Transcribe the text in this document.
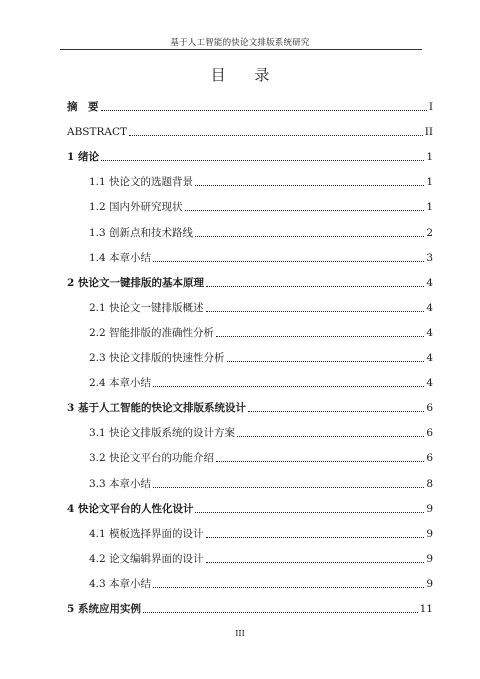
基于人工智能的快论文排版系统研究
目 录
摘　要	I
ABSTRACT	II
1 绪论	1
1.1 快论文的选题背景	1
1.2 国内外研究现状	1
1.3 创新点和技术路线	2
1.4 本章小结	3
2 快论文一键排版的基本原理	4
2.1 快论文一键排版概述	4
2.2 智能排版的准确性分析	4
2.3 快论文排版的快速性分析	4
2.4 本章小结	4
3 基于人工智能的快论文排版系统设计	6
3.1 快论文排版系统的设计方案	6
3.2 快论文平台的功能介绍	6
3.3 本章小结	8
4 快论文平台的人性化设计	9
4.1 模板选择界面的设计	9
4.2 论文编辑界面的设计	9
4.3 本章小结	9
5 系统应用实例	11
III
